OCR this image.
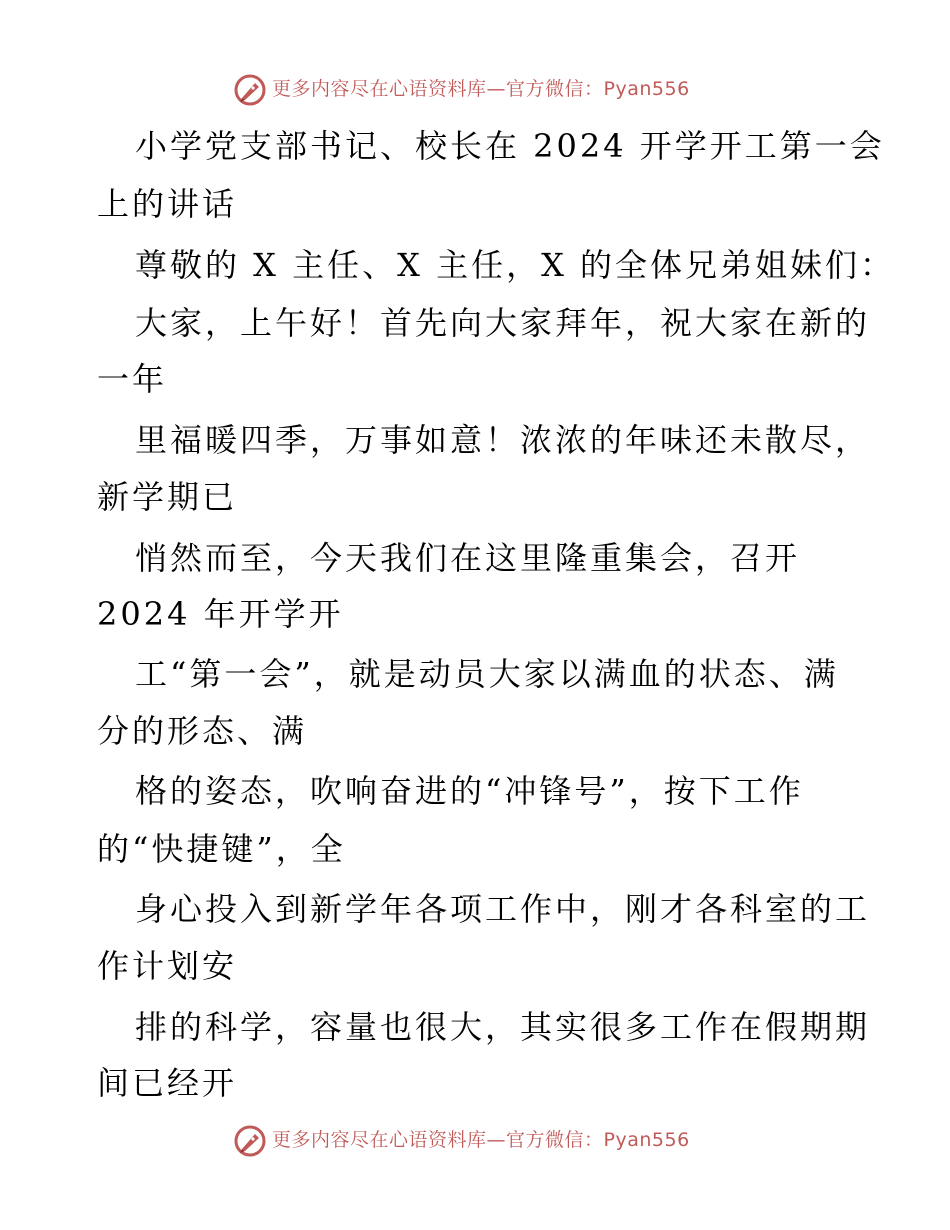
更多内容尽在心语资料库—官方微信：Pyan556

小学党支部书记、校长在 2024 开学开工第一会

上的讲话

尊敬的 X 主任、X 主任，X 的全体兄弟姐妹们：

大家，上午好！首先向大家拜年，祝大家在新的

一年

里福暖四季，万事如意！浓浓的年味还未散尽，

新学期已

悄然而至，今天我们在这里隆重集会，召开

2024 年开学开

工“第一会”，就是动员大家以满血的状态、满

分的形态、满

格的姿态，吹响奋进的“冲锋号”，按下工作

的“快捷键”，全

身心投入到新学年各项工作中，刚才各科室的工

作计划安

排的科学，容量也很大，其实很多工作在假期期

间已经开

更多内容尽在心语资料库—官方微信：Pyan556
